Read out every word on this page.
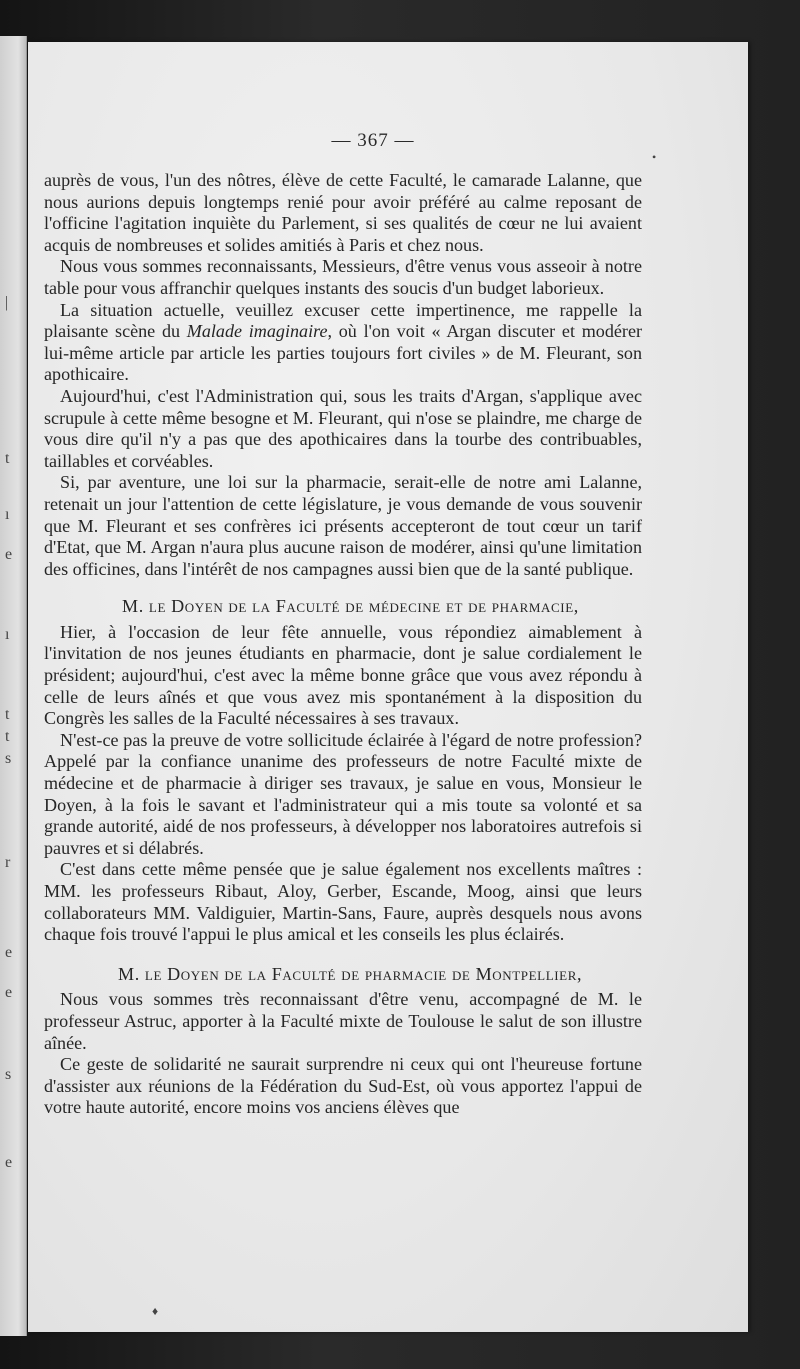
|
t
ı
e
ı
t
t
s
r
e
e
s
e
— 367 —
•
♦

auprès de vous, l'un des nôtres, élève de cette Faculté, le camarade Lalanne, que nous aurions depuis longtemps renié pour avoir préféré au calme reposant de l'officine l'agitation inquiète du Parlement, si ses qualités de cœur ne lui avaient acquis de nombreuses et solides amitiés à Paris et chez nous.

Nous vous sommes reconnaissants, Messieurs, d'être venus vous asseoir à notre table pour vous affranchir quelques instants des soucis d'un budget laborieux.

La situation actuelle, veuillez excuser cette impertinence, me rappelle la plaisante scène du Malade imaginaire, où l'on voit « Argan discuter et modérer lui-même article par article les parties toujours fort civiles » de M. Fleurant, son apothicaire.

Aujourd'hui, c'est l'Administration qui, sous les traits d'Argan, s'applique avec scrupule à cette même besogne et M. Fleurant, qui n'ose se plaindre, me charge de vous dire qu'il n'y a pas que des apothicaires dans la tourbe des contribuables, taillables et corvéables.

Si, par aventure, une loi sur la pharmacie, serait-elle de notre ami Lalanne, retenait un jour l'attention de cette législature, je vous demande de vous souvenir que M. Fleurant et ses confrères ici présents accepteront de tout cœur un tarif d'Etat, que M. Argan n'aura plus aucune raison de modérer, ainsi qu'une limitation des officines, dans l'intérêt de nos campagnes aussi bien que de la santé publique.

M. le Doyen de la Faculté de médecine et de pharmacie,

Hier, à l'occasion de leur fête annuelle, vous répondiez aimablement à l'invitation de nos jeunes étudiants en pharmacie, dont je salue cordialement le président; aujourd'hui, c'est avec la même bonne grâce que vous avez répondu à celle de leurs aînés et que vous avez mis spontanément à la disposition du Congrès les salles de la Faculté nécessaires à ses travaux.

N'est-ce pas la preuve de votre sollicitude éclairée à l'égard de notre profession? Appelé par la confiance unanime des professeurs de notre Faculté mixte de médecine et de pharmacie à diriger ses travaux, je salue en vous, Monsieur le Doyen, à la fois le savant et l'administrateur qui a mis toute sa volonté et sa grande autorité, aidé de nos professeurs, à développer nos laboratoires autrefois si pauvres et si délabrés.

C'est dans cette même pensée que je salue également nos excellents maîtres : MM. les professeurs Ribaut, Aloy, Gerber, Escande, Moog, ainsi que leurs collaborateurs MM. Valdiguier, Martin-Sans, Faure, auprès desquels nous avons chaque fois trouvé l'appui le plus amical et les conseils les plus éclairés.

M. le Doyen de la Faculté de pharmacie de Montpellier,

Nous vous sommes très reconnaissant d'être venu, accompagné de M. le professeur Astruc, apporter à la Faculté mixte de Toulouse le salut de son illustre aînée.

Ce geste de solidarité ne saurait surprendre ni ceux qui ont l'heureuse fortune d'assister aux réunions de la Fédération du Sud-Est, où vous apportez l'appui de votre haute autorité, encore moins vos anciens élèves que
